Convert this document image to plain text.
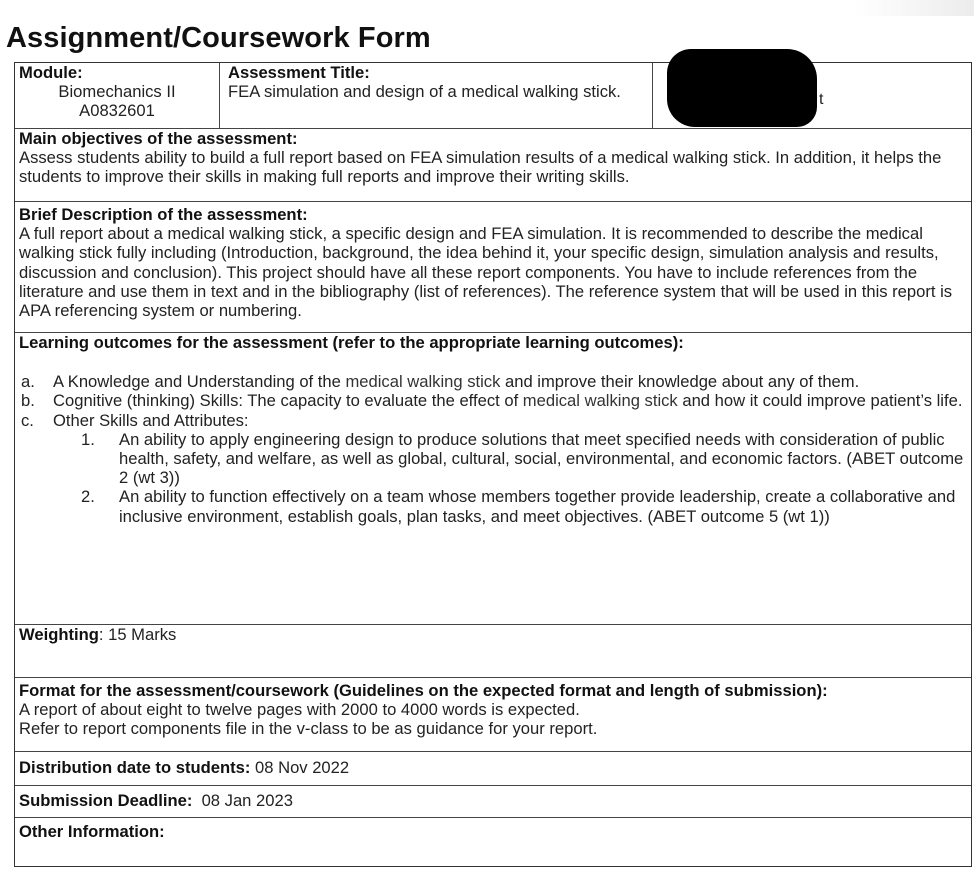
Assignment/Coursework Form
Module:
Biomechanics II
A0832601
Assessment Title:
FEA simulation and design of a medical walking stick.	t
Main objectives of the assessment:

Assess students ability to build a full report based on FEA simulation results of a medical walking stick. In addition, it helps the students to improve their skills in making full reports and improve their writing skills.

Brief Description of the assessment:

A full report about a medical walking stick, a specific design and FEA simulation. It is recommended to describe the medical walking stick fully including (Introduction, background, the idea behind it, your specific design, simulation analysis and results, discussion and conclusion). This project should have all these report components. You have to include references from the literature and use them in text and in the bibliography (list of references). The reference system that will be used in this report is APA referencing system or numbering.

Learning outcomes for the assessment (refer to the appropriate learning outcomes):
a.	A Knowledge and Understanding of the medical walking stick and improve their knowledge about any of them.
b.	Cognitive (thinking) Skills: The capacity to evaluate the effect of medical walking stick and how it could improve patient’s life.
c.	Other Skills and Attributes:
1.	An ability to apply engineering design to produce solutions that meet specified needs with consideration of public health, safety, and welfare, as well as global, cultural, social, environmental, and economic factors. (ABET outcome 2 (wt 3))
2.	An ability to function effectively on a team whose members together provide leadership, create a collaborative and inclusive environment, establish goals, plan tasks, and meet objectives. (ABET outcome 5 (wt 1))
Weighting: 15 Marks
Format for the assessment/coursework (Guidelines on the expected format and length of submission):
A report of about eight to twelve pages with 2000 to 4000 words is expected.
Refer to report components file in the v-class to be as guidance for your report.
Distribution date to students: 08 Nov 2022
Submission Deadline: 08 Jan 2023
Other Information:
